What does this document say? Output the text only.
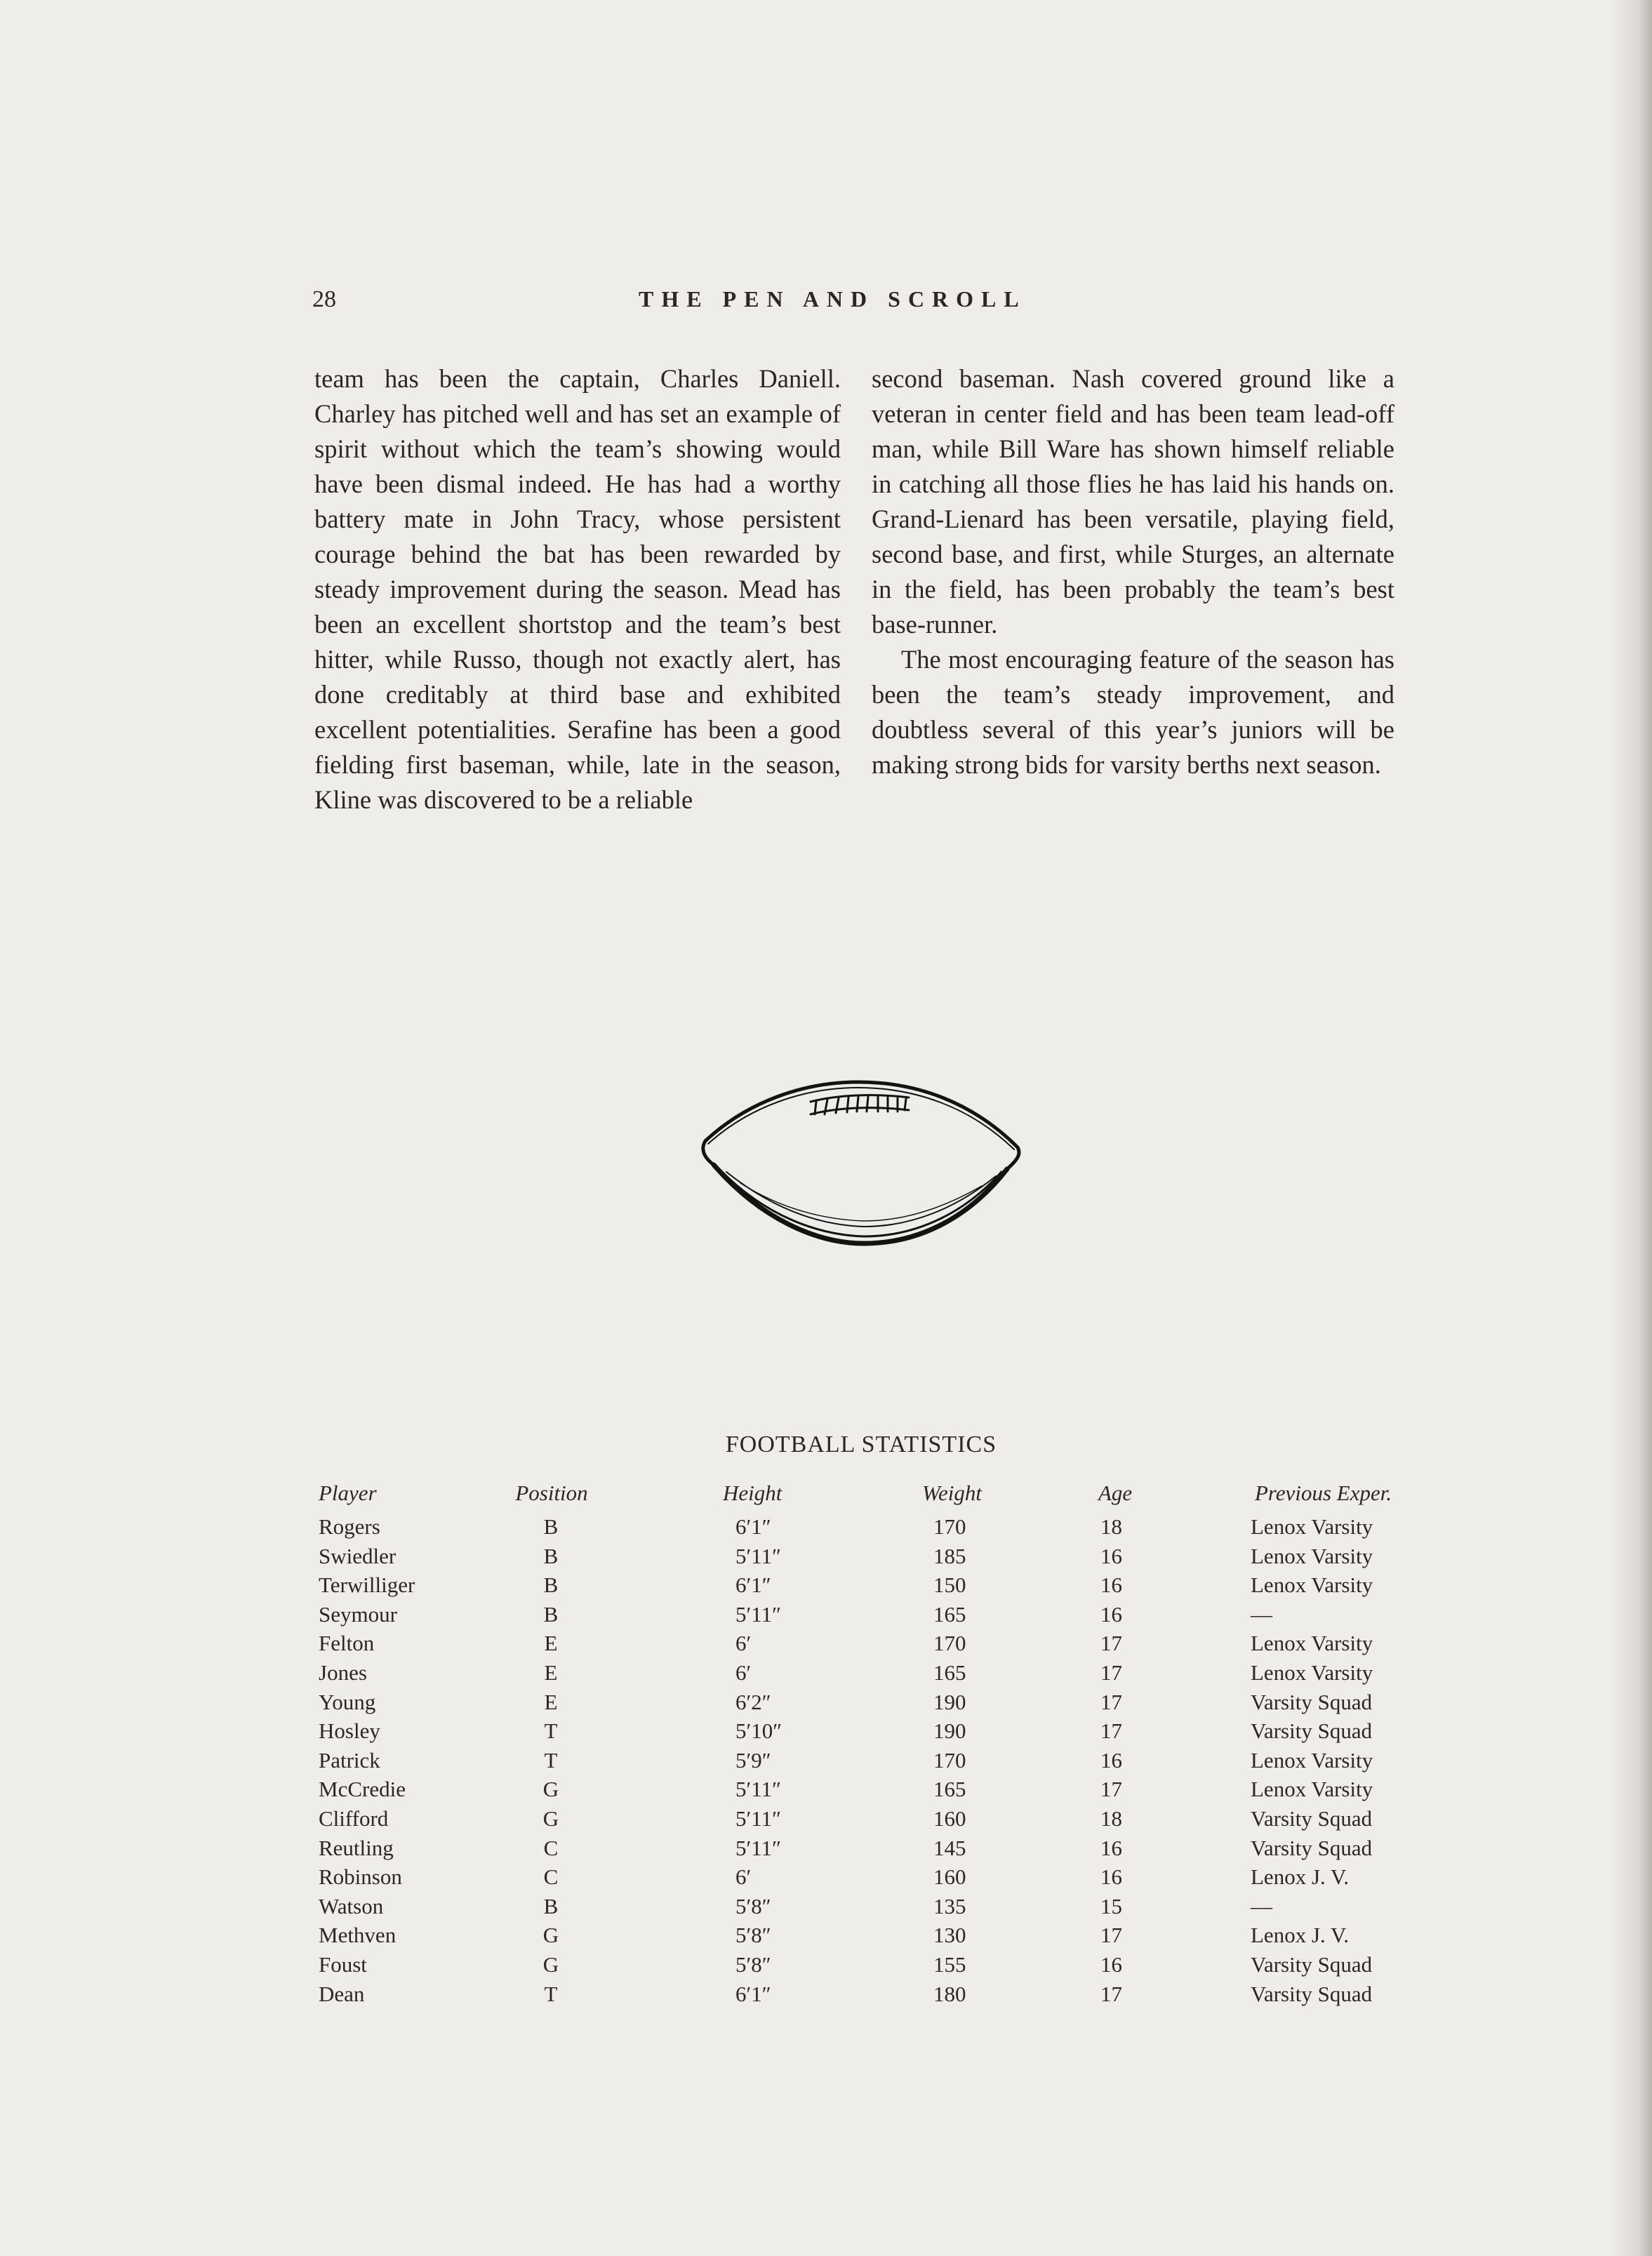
28	THE PEN AND SCROLL

team has been the captain, Charles Daniell. Charley has pitched well and has set an example of spirit without which the team’s showing would have been dismal indeed. He has had a worthy battery mate in John Tracy, whose persistent courage behind the bat has been rewarded by steady improvement during the season. Mead has been an excellent shortstop and the team’s best hitter, while Russo, though not exactly alert, has done creditably at third base and exhibited excellent potentialities. Serafine has been a good fielding first baseman, while, late in the season, Kline was discovered to be a reliable

second baseman. Nash covered ground like a veteran in center field and has been team lead-off man, while Bill Ware has shown himself reliable in catching all those flies he has laid his hands on. Grand-Lienard has been versatile, playing field, second base, and first, while Sturges, an alternate in the field, has been probably the team’s best base-runner.

The most encouraging feature of the season has been the team’s steady improvement, and doubtless several of this year’s juniors will be making strong bids for varsity berths next season.

FOOTBALL STATISTICS
Player	Position	Height	Weight	Age	Previous Exper.
Rogers	B	6′1″	170	18	Lenox Varsity
Swiedler	B	5′11″	185	16	Lenox Varsity
Terwilliger	B	6′1″	150	16	Lenox Varsity
Seymour	B	5′11″	165	16	—
Felton	E	6′	170	17	Lenox Varsity
Jones	E	6′	165	17	Lenox Varsity
Young	E	6′2″	190	17	Varsity Squad
Hosley	T	5′10″	190	17	Varsity Squad
Patrick	T	5′9″	170	16	Lenox Varsity
McCredie	G	5′11″	165	17	Lenox Varsity
Clifford	G	5′11″	160	18	Varsity Squad
Reutling	C	5′11″	145	16	Varsity Squad
Robinson	C	6′	160	16	Lenox J. V.
Watson	B	5′8″	135	15	—
Methven	G	5′8″	130	17	Lenox J. V.
Foust	G	5′8″	155	16	Varsity Squad
Dean	T	6′1″	180	17	Varsity Squad
